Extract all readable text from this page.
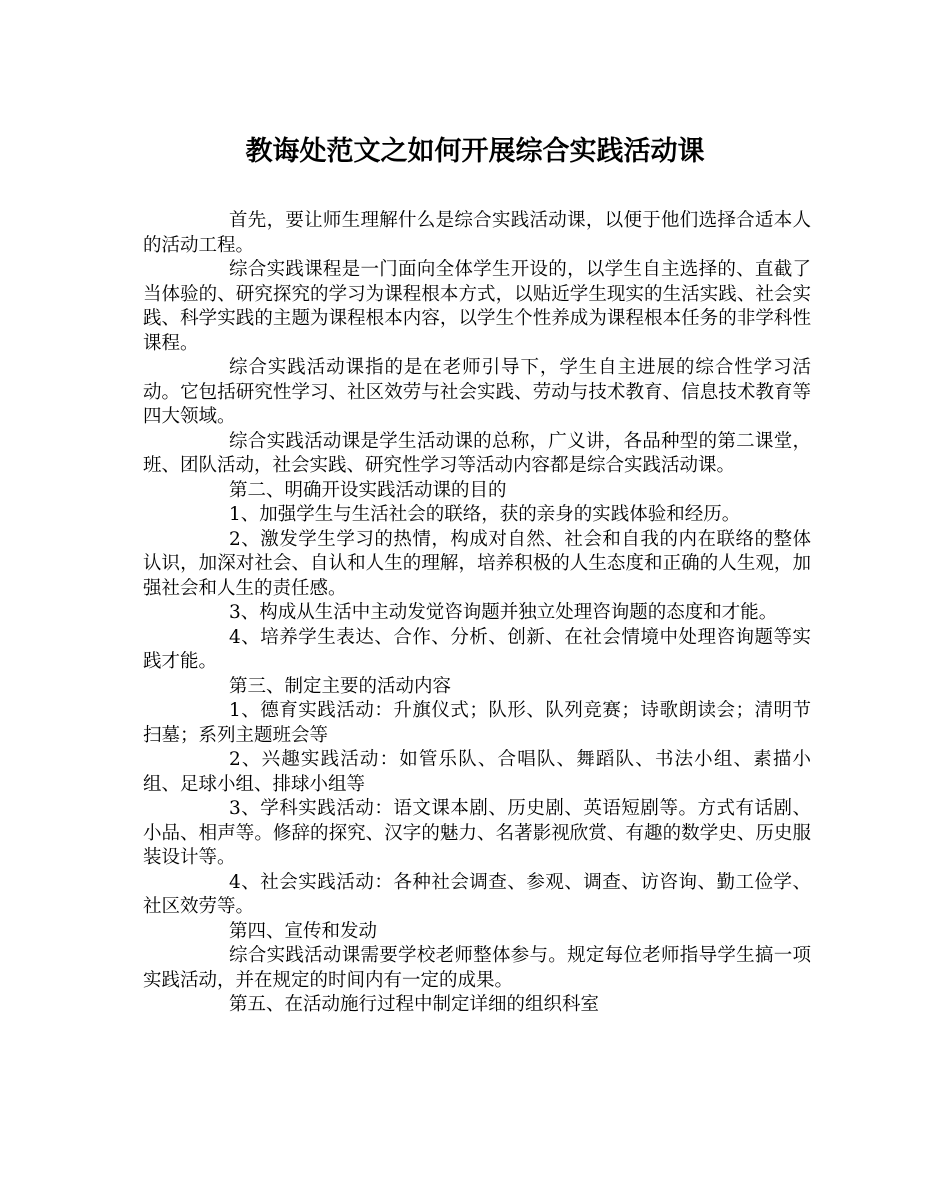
教诲处范文之如何开展综合实践活动课

首先，要让师生理解什么是综合实践活动课，以便于他们选择合适本人的活动工程。

综合实践课程是一门面向全体学生开设的，以学生自主选择的、直截了当体验的、研究探究的学习为课程根本方式，以贴近学生现实的生活实践、社会实践、科学实践的主题为课程根本内容，以学生个性养成为课程根本任务的非学科性课程。

综合实践活动课指的是在老师引导下，学生自主进展的综合性学习活动。它包括研究性学习、社区效劳与社会实践、劳动与技术教育、信息技术教育等四大领域。

综合实践活动课是学生活动课的总称，广义讲，各品种型的第二课堂，班、团队活动，社会实践、研究性学习等活动内容都是综合实践活动课。

第二、明确开设实践活动课的目的

1、加强学生与生活社会的联络，获的亲身的实践体验和经历。

2、激发学生学习的热情，构成对自然、社会和自我的内在联络的整体认识，加深对社会、自认和人生的理解，培养积极的人生态度和正确的人生观，加强社会和人生的责任感。

3、构成从生活中主动发觉咨询题并独立处理咨询题的态度和才能。

4、培养学生表达、合作、分析、创新、在社会情境中处理咨询题等实践才能。

第三、制定主要的活动内容

1、德育实践活动：升旗仪式；队形、队列竞赛；诗歌朗读会；清明节扫墓；系列主题班会等

2、兴趣实践活动：如管乐队、合唱队、舞蹈队、书法小组、素描小组、足球小组、排球小组等

3、学科实践活动：语文课本剧、历史剧、英语短剧等。方式有话剧、小品、相声等。修辞的探究、汉字的魅力、名著影视欣赏、有趣的数学史、历史服装设计等。

4、社会实践活动：各种社会调查、参观、调查、访咨询、勤工俭学、社区效劳等。

第四、宣传和发动

综合实践活动课需要学校老师整体参与。规定每位老师指导学生搞一项实践活动，并在规定的时间内有一定的成果。

第五、在活动施行过程中制定详细的组织科室
